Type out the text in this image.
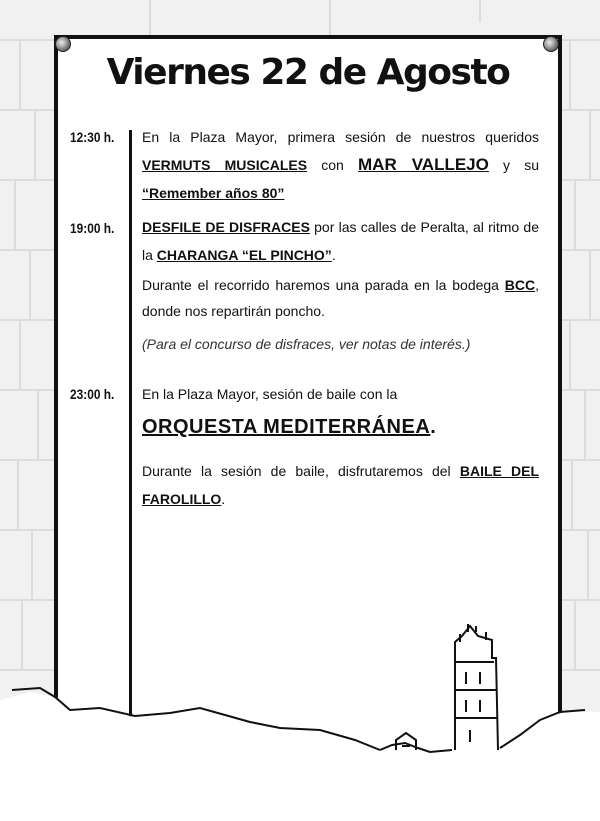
Viernes 22 de Agosto
12:30 h. En la Plaza Mayor, primera sesión de nuestros queridos VERMUTS MUSICALES con MAR VALLEJO y su “Remember años 80”
19:00 h. DESFILE DE DISFRACES por las calles de Peralta, al ritmo de la CHARANGA “EL PINCHO”.
Durante el recorrido haremos una parada en la bodega BCC, donde nos repartirán poncho.
(Para el concurso de disfraces, ver notas de interés.)
23:00 h. En la Plaza Mayor, sesión de baile con la
ORQUESTA MEDITERRÁNEA.
Durante la sesión de baile, disfrutaremos del BAILE DEL FAROLILLO.
